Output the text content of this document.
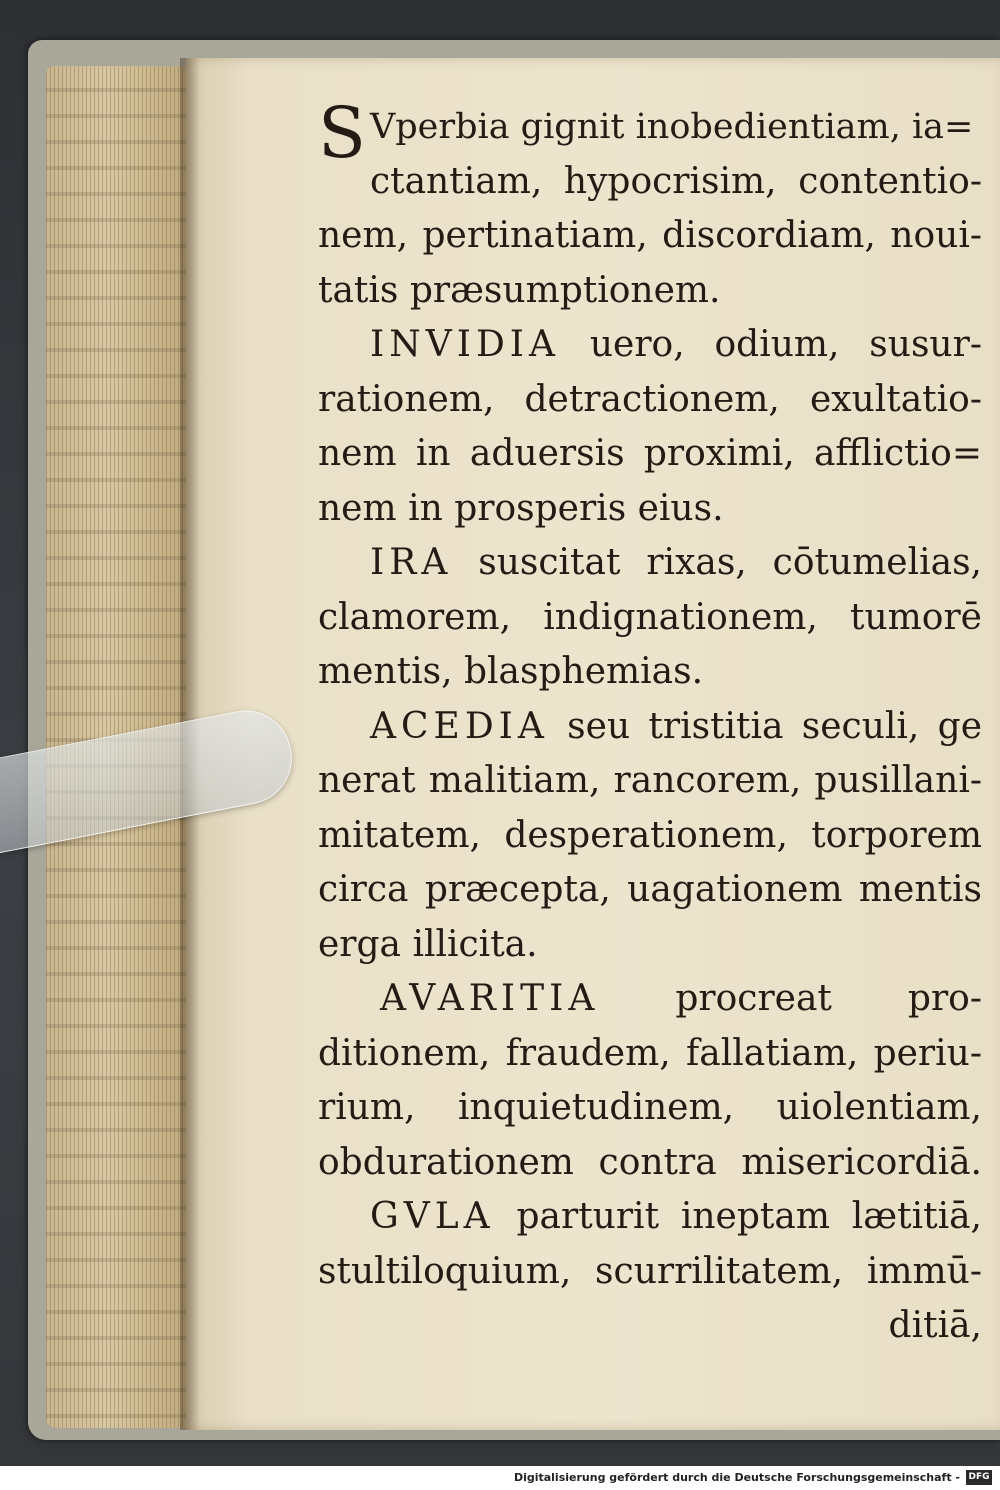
S Vperbia gignit inobedientiam, ia=
ctantiam, hypocrisim, contentio-
nem, pertinatiam, discordiam, noui-
tatis præsumptionem.
INVIDIA uero, odium, susur-
rationem, detractionem, exultatio-
nem in aduersis proximi, afflictio=
nem in prosperis eius.
IRA suscitat rixas, cōtumelias,
clamorem, indignationem, tumorē
mentis, blasphemias.
ACEDIA seu tristitia seculi, ge
nerat malitiam, rancorem, pusillani-
mitatem, desperationem, torporem
circa præcepta, uagationem mentis
erga illicita.
AVARITIA procreat pro-
ditionem, fraudem, fallatiam, periu-
rium, inquietudinem, uiolentiam,
obdurationem contra misericordiā.
GVLA parturit ineptam lætitiā,
stultiloquium, scurrilitatem, immū-
ditiā,
Digitalisierung gefördert durch die Deutsche Forschungsgemeinschaft - DFG
